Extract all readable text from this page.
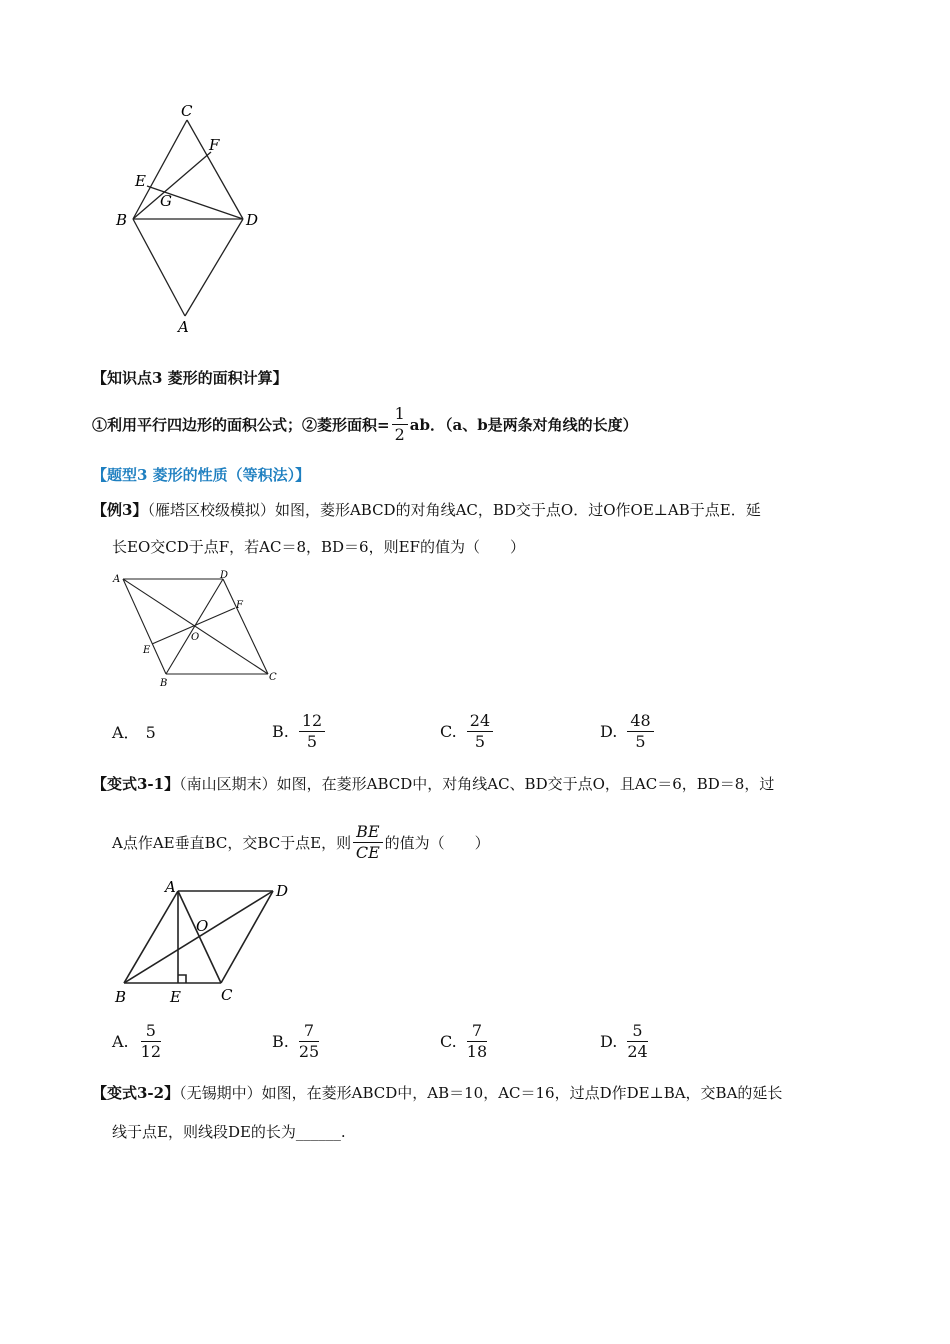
C
F
E
G
B	D
A
【知识点3 菱形的面积计算】
①利用平行四边形的面积公式；②菱形面积= $\frac{1}{2}$ ab．（a、b是两条对角线的长度）
【题型3 菱形的性质（等积法）】
【例3】（雁塔区校级模拟）如图，菱形ABCD的对角线AC，BD交于点O．过O作OE⊥AB于点E．延
长EO交CD于点F，若AC＝8，BD＝6，则EF的值为（　　）
A	D
F
O
E
B
C
A． 5	B. $\frac{12}{5}$	C. $\frac{24}{5}$	D. $\frac{48}{5}$
【变式3-1】（南山区期末）如图，在菱形ABCD中，对角线AC、BD交于点O，且AC＝6，BD＝8，过
A点作AE垂直BC，交BC于点E，则 $\frac{BE}{CE}$ 的值为（　　）
A	D
O
B	E	C
A. $\frac{5}{12}$	B. $\frac{7}{25}$	C. $\frac{7}{18}$	D. $\frac{5}{24}$
【变式3-2】（无锡期中）如图，在菱形ABCD中，AB＝10，AC＝16，过点D作DE⊥BA，交BA的延长
线于点E，则线段DE的长为______.
